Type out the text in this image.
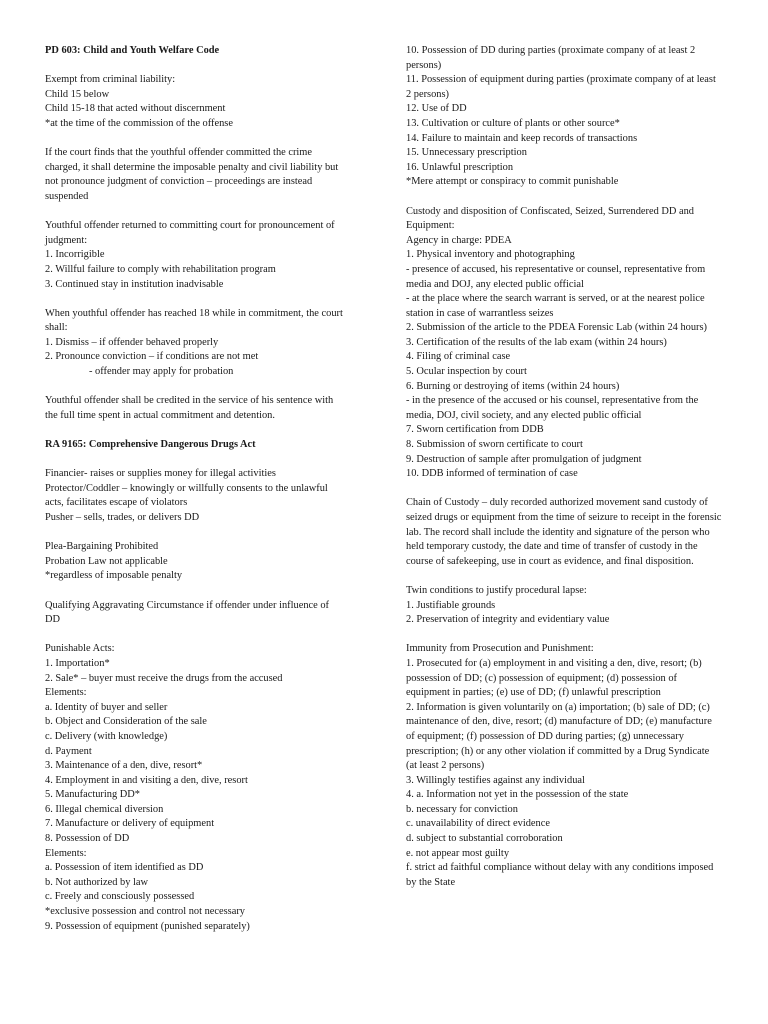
PD 603: Child and Youth Welfare Code
Exempt from criminal liability:
Child 15 below
Child 15-18 that acted without discernment
*at the time of the commission of the offense
If the court finds that the youthful offender committed the crime charged, it shall determine the imposable penalty and civil liability but not pronounce judgment of conviction – proceedings are instead suspended
Youthful offender returned to committing court for pronouncement of judgment:
1. Incorrigible
2. Willful failure to comply with rehabilitation program
3. Continued stay in institution inadvisable
When youthful offender has reached 18 while in commitment, the court shall:
1. Dismiss – if offender behaved properly
2. Pronounce conviction – if conditions are not met
- offender may apply for probation
Youthful offender shall be credited in the service of his sentence with the full time spent in actual commitment and detention.
RA 9165: Comprehensive Dangerous Drugs Act
Financier- raises or supplies money for illegal activities
Protector/Coddler – knowingly or willfully consents to the unlawful acts, facilitates escape of violators
Pusher – sells, trades, or delivers DD
Plea-Bargaining Prohibited
Probation Law not applicable
*regardless of imposable penalty
Qualifying Aggravating Circumstance if offender under influence of DD
Punishable Acts:
1. Importation*
2. Sale* – buyer must receive the drugs from the accused
Elements:
a. Identity of buyer and seller
b. Object and Consideration of the sale
c. Delivery (with knowledge)
d. Payment
3. Maintenance of a den, dive, resort*
4. Employment in and visiting a den, dive, resort
5. Manufacturing DD*
6. Illegal chemical diversion
7. Manufacture or delivery of equipment
8. Possession of DD
Elements:
a. Possession of item identified as DD
b. Not authorized by law
c. Freely and consciously possessed
*exclusive possession and control not necessary
9. Possession of equipment (punished separately)
10. Possession of DD during parties (proximate company of at least 2 persons)
11. Possession of equipment during parties (proximate company of at least 2 persons)
12. Use of DD
13. Cultivation or culture of plants or other source*
14. Failure to maintain and keep records of transactions
15. Unnecessary prescription
16. Unlawful prescription
*Mere attempt or conspiracy to commit punishable
Custody and disposition of Confiscated, Seized, Surrendered DD and Equipment:
Agency in charge: PDEA
1. Physical inventory and photographing
- presence of accused, his representative or counsel, representative from media and DOJ, any elected public official
- at the place where the search warrant is served, or at the nearest police station in case of warrantless seizes
2. Submission of the article to the PDEA Forensic Lab (within 24 hours)
3. Certification of the results of the lab exam (within 24 hours)
4. Filing of criminal case
5. Ocular inspection by court
6. Burning or destroying of items (within 24 hours)
- in the presence of the accused or his counsel, representative from the media, DOJ, civil society, and any elected public official
7. Sworn certification from DDB
8. Submission of sworn certificate to court
9. Destruction of sample after promulgation of judgment
10. DDB informed of termination of case
Chain of Custody – duly recorded authorized movement sand custody of seized drugs or equipment from the time of seizure to receipt in the forensic lab. The record shall include the identity and signature of the person who held temporary custody, the date and time of transfer of custody in the course of safekeeping, use in court as evidence, and final disposition.
Twin conditions to justify procedural lapse:
1. Justifiable grounds
2. Preservation of integrity and evidentiary value
Immunity from Prosecution and Punishment:
1. Prosecuted for (a) employment in and visiting a den, dive, resort; (b) possession of DD; (c) possession of equipment; (d) possession of equipment in parties; (e) use of DD; (f) unlawful prescription
2. Information is given voluntarily on (a) importation; (b) sale of DD; (c) maintenance of den, dive, resort; (d) manufacture of DD; (e) manufacture of equipment; (f) possession of DD during parties; (g) unnecessary prescription; (h) or any other violation if committed by a Drug Syndicate (at least 2 persons)
3. Willingly testifies against any individual
4. a. Information not yet in the possession of the state
b. necessary for conviction
c. unavailability of direct evidence
d. subject to substantial corroboration
e. not appear most guilty
f. strict ad faithful compliance without delay with any conditions imposed by the State
